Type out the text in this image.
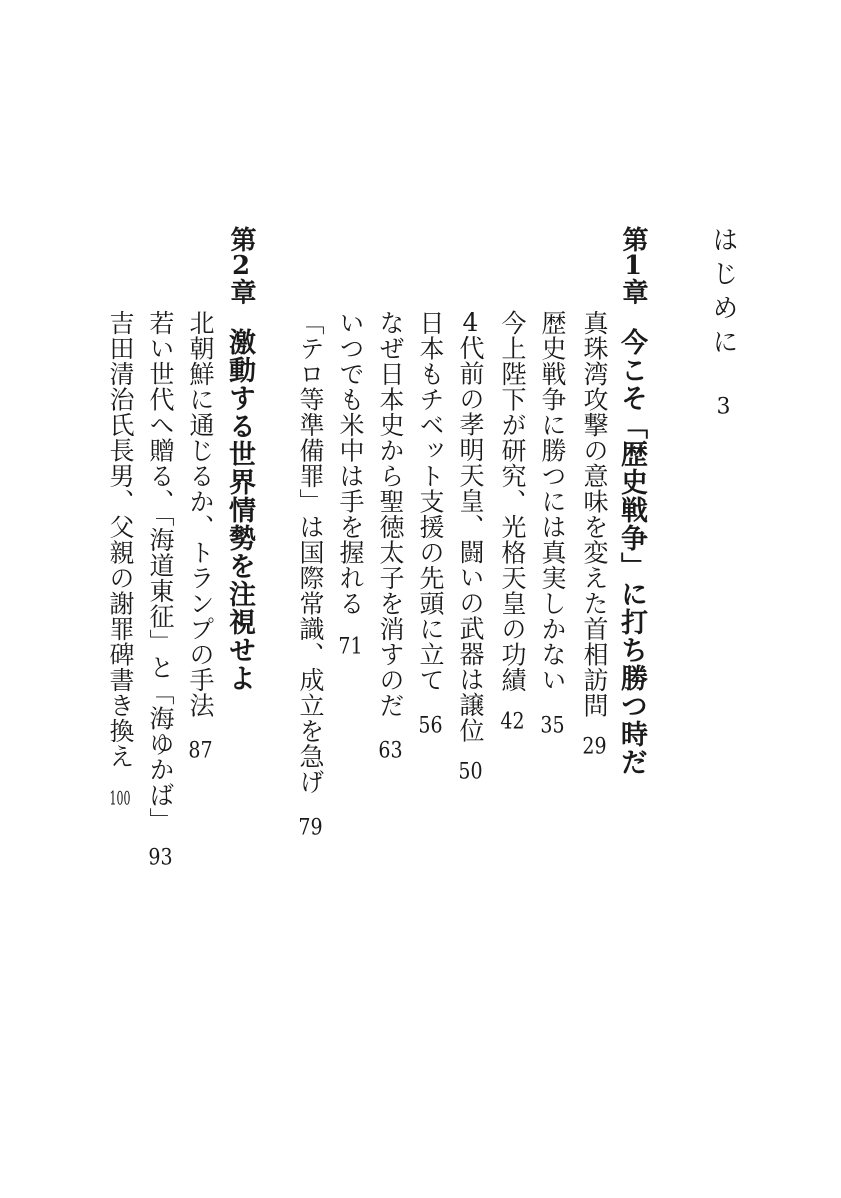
はじめに3
第1章
今こそ「歴史戦争」に打ち勝つ時だ
真珠湾攻撃の意味を変えた首相訪問29
歴史戦争に勝つには真実しかない35
今上陛下が研究、光格天皇の功績42
4代前の孝明天皇、闘いの武器は譲位50
日本もチベット支援の先頭に立て56
なぜ日本史から聖徳太子を消すのだ63
いつでも米中は手を握れる71
「テロ等準備罪」は国際常識、成立を急げ79
第2章
激動する世界情勢を注視せよ
北朝鮮に通じるか、トランプの手法87
若い世代へ贈る、「海道東征」と「海ゆかば」93
吉田清治氏長男、父親の謝罪碑書き換え100
